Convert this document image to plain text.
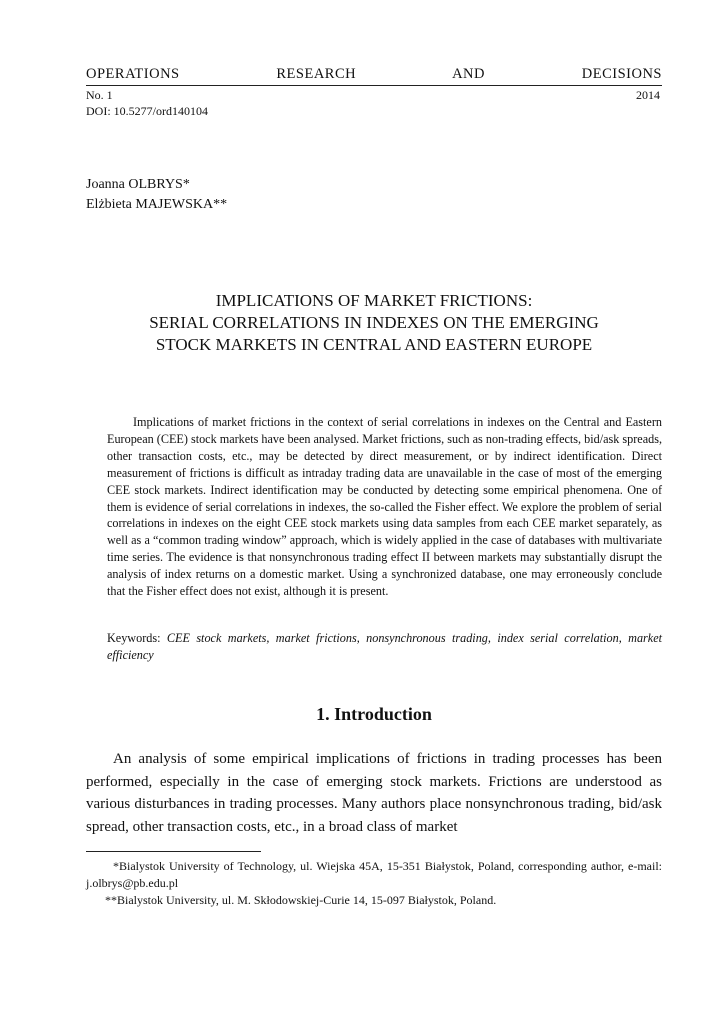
OPERATIONS RESEARCH AND DECISIONS
No. 1	2014
DOI: 10.5277/ord140104
Joanna OLBRYS*
Elżbieta MAJEWSKA**
IMPLICATIONS OF MARKET FRICTIONS:
SERIAL CORRELATIONS IN INDEXES ON THE EMERGING
STOCK MARKETS IN CENTRAL AND EASTERN EUROPE

Implications of market frictions in the context of serial correlations in indexes on the Central and Eastern European (CEE) stock markets have been analysed. Market frictions, such as non-trading effects, bid/ask spreads, other transaction costs, etc., may be detected by direct measurement, or by indirect identification. Direct measurement of frictions is difficult as intraday trading data are unavailable in the case of most of the emerging CEE stock markets. Indirect identification may be conducted by detecting some empirical phenomena. One of them is evidence of serial correlations in indexes, the so-called the Fisher effect. We explore the problem of serial correlations in indexes on the eight CEE stock markets using data samples from each CEE market separately, as well as a “common trading window” approach, which is widely applied in the case of databases with multivariate time series. The evidence is that nonsynchronous trading effect II between markets may substantially disrupt the analysis of index returns on a domestic market. Using a synchronized database, one may erroneously conclude that the Fisher effect does not exist, although it is present.

Keywords: CEE stock markets, market frictions, nonsynchronous trading, index serial correlation, market efficiency

1. Introduction

An analysis of some empirical implications of frictions in trading processes has been performed, especially in the case of emerging stock markets. Frictions are understood as various disturbances in trading processes. Many authors place nonsynchronous trading, bid/ask spread, other transaction costs, etc., in a broad class of market

*Bialystok University of Technology, ul. Wiejska 45A, 15-351 Białystok, Poland, corresponding author, e-mail: j.olbrys@pb.edu.pl

**Bialystok University, ul. M. Skłodowskiej-Curie 14, 15-097 Białystok, Poland.
